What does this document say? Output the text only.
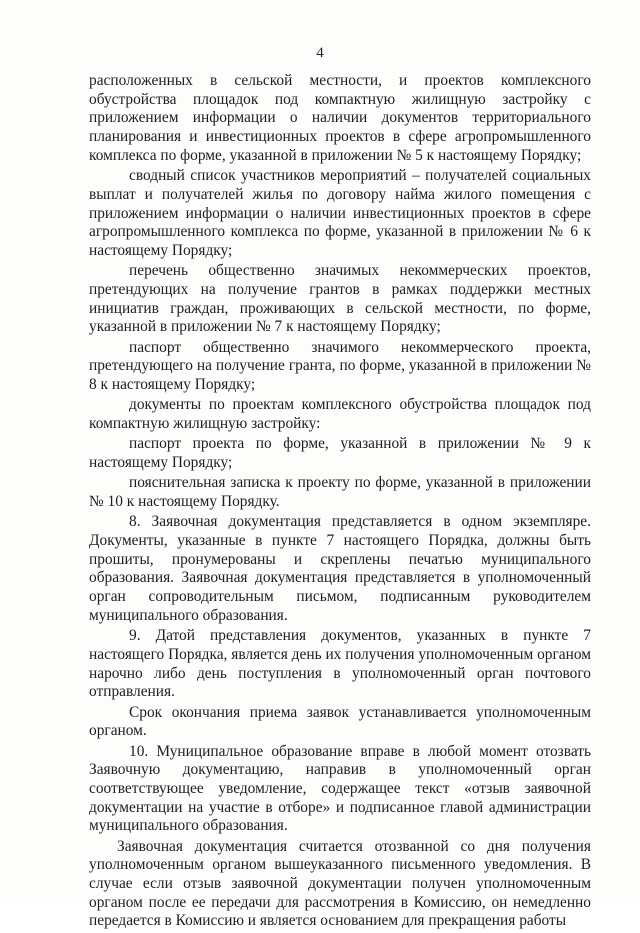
4

расположенных в сельской местности, и проектов комплексного обустройства площадок под компактную жилищную застройку с приложением информации о наличии документов территориального планирования и инвестиционных проектов в сфере агропромышленного комплекса по форме, указанной в приложении № 5 к настоящему Порядку;

сводный список участников мероприятий – получателей социальных выплат и получателей жилья по договору найма жилого помещения с приложением информации о наличии инвестиционных проектов в сфере агропромышленного комплекса по форме, указанной в приложении № 6 к настоящему Порядку;

перечень общественно значимых некоммерческих проектов, претендующих на получение грантов в рамках поддержки местных инициатив граждан, проживающих в сельской местности, по форме, указанной в приложении № 7 к настоящему Порядку;

паспорт общественно значимого некоммерческого проекта, претендующего на получение гранта, по форме, указанной в приложении № 8 к настоящему Порядку;

документы по проектам комплексного обустройства площадок под компактную жилищную застройку:

паспорт проекта по форме, указанной в приложении № 9 к настоящему Порядку;

пояснительная записка к проекту по форме, указанной в приложении № 10 к настоящему Порядку.

8. Заявочная документация представляется в одном экземпляре. Документы, указанные в пункте 7 настоящего Порядка, должны быть прошиты, пронумерованы и скреплены печатью муниципального образования. Заявочная документация представляется в уполномоченный орган сопроводительным письмом, подписанным руководителем муниципального образования.

9. Датой представления документов, указанных в пункте 7 настоящего Порядка, является день их получения уполномоченным органом нарочно либо день поступления в уполномоченный орган почтового отправления.

Срок окончания приема заявок устанавливается уполномоченным органом.

10. Муниципальное образование вправе в любой момент отозвать Заявочную документацию, направив в уполномоченный орган соответствующее уведомление, содержащее текст «отзыв заявочной документации на участие в отборе» и подписанное главой администрации муниципального образования.

Заявочная документация считается отозванной со дня получения уполномоченным органом вышеуказанного письменного уведомления. В случае если отзыв заявочной документации получен уполномоченным органом после ее передачи для рассмотрения в Комиссию, он немедленно передается в Комиссию и является основанием для прекращения работы
